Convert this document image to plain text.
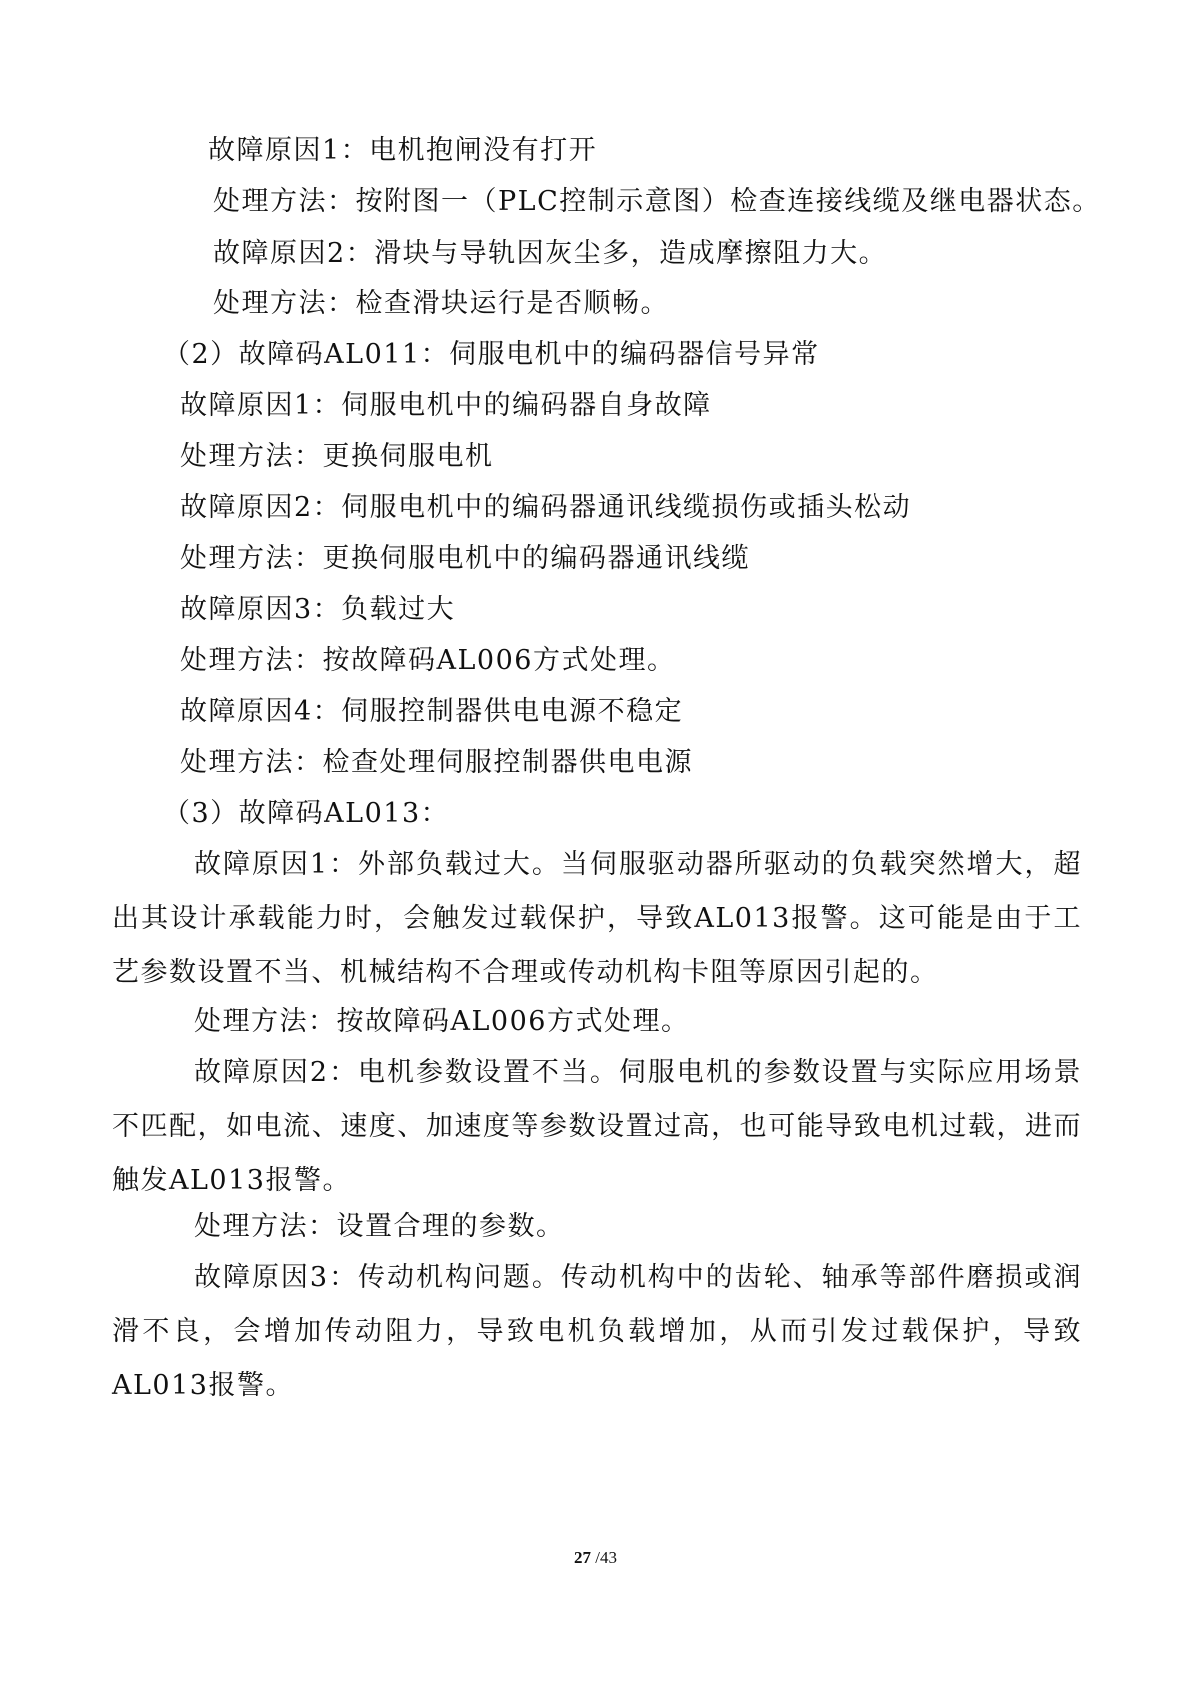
故障原因1：电机抱闸没有打开
处理方法：按附图一（PLC控制示意图）检查连接线缆及继电器状态。
故障原因2：滑块与导轨因灰尘多，造成摩擦阻力大。
处理方法：检查滑块运行是否顺畅。
（2）故障码AL011：伺服电机中的编码器信号异常
故障原因1：伺服电机中的编码器自身故障
处理方法：更换伺服电机
故障原因2：伺服电机中的编码器通讯线缆损伤或插头松动
处理方法：更换伺服电机中的编码器通讯线缆
故障原因3：负载过大
处理方法：按故障码AL006方式处理。
故障原因4：伺服控制器供电电源不稳定
处理方法：检查处理伺服控制器供电电源
（3）故障码AL013：
故障原因1：外部负载过大。当伺服驱动器所驱动的负载突然增大，超出其设计承载能力时，会触发过载保护，导致AL013报警。这可能是由于工艺参数设置不当、机械结构不合理或传动机构卡阻等原因引起的。
处理方法：按故障码AL006方式处理。
故障原因2：电机参数设置不当。伺服电机的参数设置与实际应用场景不匹配，如电流、速度、加速度等参数设置过高，也可能导致电机过载，进而触发AL013报警。
处理方法：设置合理的参数。
故障原因3：传动机构问题。传动机构中的齿轮、轴承等部件磨损或润滑不良，会增加传动阻力，导致电机负载增加，从而引发过载保护，导致AL013报警。
27 /43
